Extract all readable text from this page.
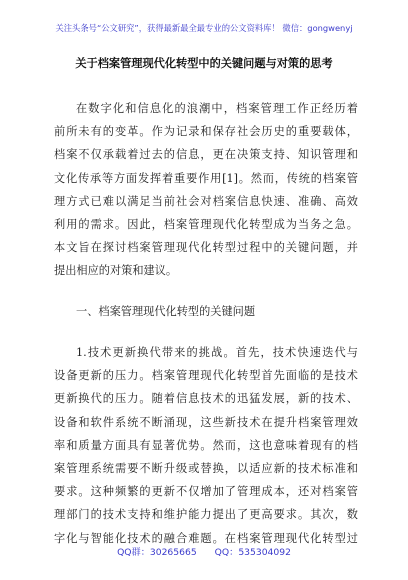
关注头条号“公文研究”，获得最新最全最专业的公文资料库！ 微信：gongwenyj
关于档案管理现代化转型中的关键问题与对策的思考
在数字化和信息化的浪潮中，档案管理工作正经历着
前所未有的变革。作为记录和保存社会历史的重要载体，
档案不仅承载着过去的信息，更在决策支持、知识管理和
文化传承等方面发挥着重要作用[1]。然而，传统的档案管
理方式已难以满足当前社会对档案信息快速、准确、高效
利用的需求。因此，档案管理现代化转型成为当务之急。
本文旨在探讨档案管理现代化转型过程中的关键问题，并
提出相应的对策和建议。
一、档案管理现代化转型的关键问题
1.技术更新换代带来的挑战。首先，技术快速迭代与
设备更新的压力。档案管理现代化转型首先面临的是技术
更新换代的压力。随着信息技术的迅猛发展，新的技术、
设备和软件系统不断涌现，这些新技术在提升档案管理效
率和质量方面具有显著优势。然而，这也意味着现有的档
案管理系统需要不断升级或替换，以适应新的技术标准和
要求。这种频繁的更新不仅增加了管理成本，还对档案管
理部门的技术支持和维护能力提出了更高要求。其次，数
字化与智能化技术的融合难题。在档案管理现代化转型过
QQ群：30265665 QQ：535304092
